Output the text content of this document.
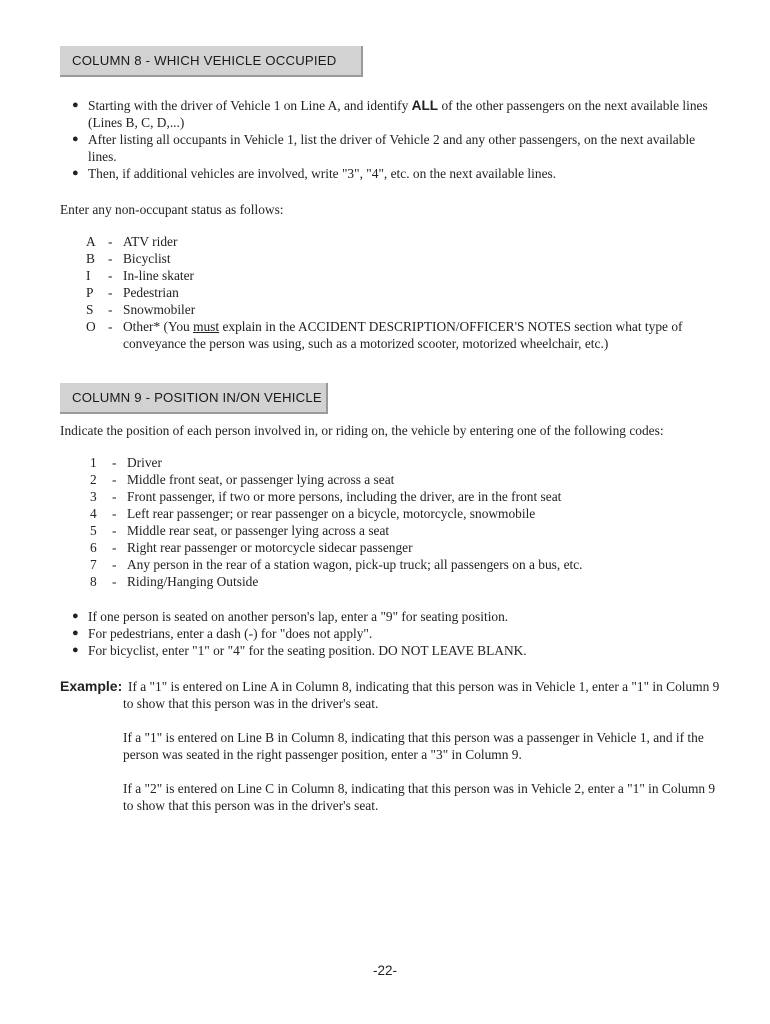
COLUMN 8 - WHICH VEHICLE OCCUPIED
● Starting with the driver of Vehicle 1 on Line A, and identify ALL of the other passengers on the next available lines (Lines B, C, D,...)
● After listing all occupants in Vehicle 1, list the driver of Vehicle 2 and any other passengers, on the next available lines.
● Then, if additional vehicles are involved, write "3", "4", etc. on the next available lines.

Enter any non-occupant status as follows:

A - ATV rider
B - Bicyclist
I	- In-line skater
P	- Pedestrian
S	- Snowmobiler
O - Other* (You must explain in the ACCIDENT DESCRIPTION/OFFICER'S NOTES section what type of conveyance the person was using, such as a motorized scooter, motorized wheelchair, etc.)
COLUMN 9 - POSITION IN/ON VEHICLE

Indicate the position of each person involved in, or riding on, the vehicle by entering one of the following codes:

1	- Driver
2	- Middle front seat, or passenger lying across a seat
3	- Front passenger, if two or more persons, including the driver, are in the front seat
4	- Left rear passenger; or rear passenger on a bicycle, motorcycle, snowmobile
5	- Middle rear seat, or passenger lying across a seat
6	- Right rear passenger or motorcycle sidecar passenger
7	- Any person in the rear of a station wagon, pick-up truck; all passengers on a bus, etc.
8	- Riding/Hanging Outside
● If one person is seated on another person's lap, enter a "9" for seating position.
● For pedestrians, enter a dash (-) for "does not apply".
● For bicyclist, enter "1" or "4" for the seating position. DO NOT LEAVE BLANK.
Example: If a "1" is entered on Line A in Column 8, indicating that this person was in Vehicle 1, enter a "1" in Column 9 to show that this person was in the driver's seat.

If a "1" is entered on Line B in Column 8, indicating that this person was a passenger in Vehicle 1, and if the person was seated in the right passenger position, enter a "3" in Column 9.

If a "2" is entered on Line C in Column 8, indicating that this person was in Vehicle 2, enter a "1" in Column 9 to show that this person was in the driver's seat.

-22-
